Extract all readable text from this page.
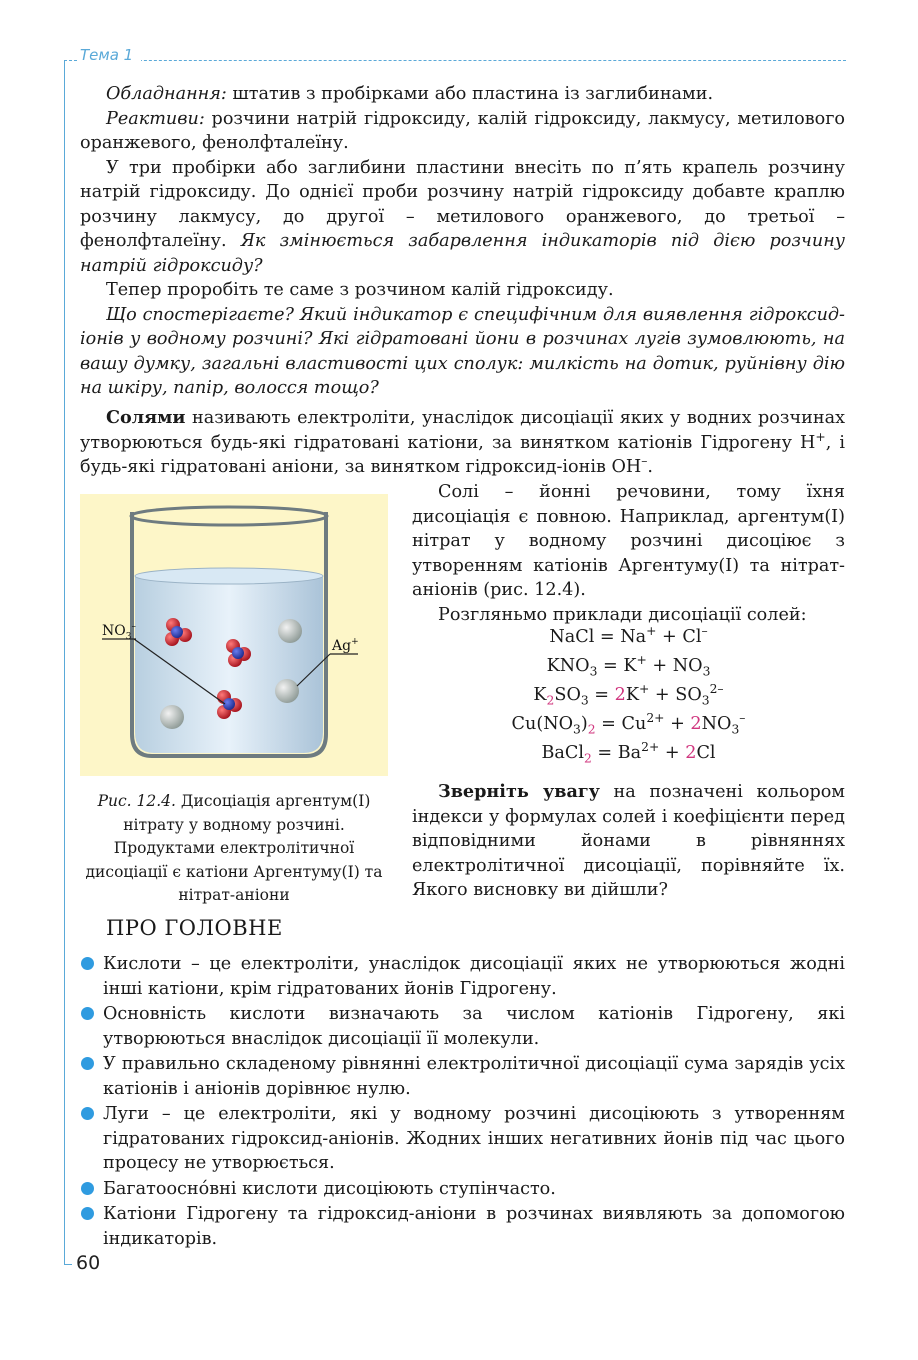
Тема 1
60

Обладнання: штатив з пробірками або пластина із заглибинами.

Реактиви: розчини натрій гідроксиду, калій гідроксиду, лакмусу, метилового оранжевого, фенолфталеїну.

У три пробірки або заглибини пластини внесіть по п’ять крапель розчину натрій гідроксиду. До однієї проби розчину натрій гідроксиду добавте краплю розчину лакмусу, до другої – метилового оранжевого, до третьої – фенолфталеїну. Як змінюється забарвлення індикаторів під дією розчину натрій гідроксиду?

Тепер проробіть те саме з розчином калій гідроксиду.

Що спостерігаєте? Який індикатор є специфічним для виявлення гідроксид-іонів у водному розчині? Які гідратовані йони в розчинах лугів зумовлюють, на вашу думку, загальні властивості цих сполук: милкість на дотик, руйнівну дію на шкіру, папір, волосся тощо?

Солями називають електроліти, унаслідок дисоціації яких у водних розчинах утворюються будь-які гідратовані катіони, за винятком катіонів Гідрогену H+, і будь-які гідратовані аніони, за винятком гідроксид-іонів OH–.

Солі – йонні речовини, тому їхня дисоціація є повною. Наприклад, аргентум(I) нітрат у водному розчині дисоціює з утворенням катіонів Аргентуму(I) та нітрат-аніонів (рис. 12.4).

Розгляньмо приклади дисоціації солей:

NaCl = Na+ + Cl–
$KNO_3 = K^+ + NO_3$
$K_2SO_3 = 2K^+ + SO_3^{2-}$
$Cu(NO_3)_2 = Cu^{2+} + 2NO_3^-$
BaCl$_2$ = $Ba^{2+} + 2Cl$

Зверніть увагу на позначені кольором індекси у формулах солей і коефіцієнти перед відповідними йонами в рівняннях електролітичної дисоціації, порівняйте їх. Якого висновку ви дійшли?

$NO_3^-$
Ag+
Рис. 12.4. Дисоціація аргентум(I) нітрату у водному розчині. Продуктами електролітичної дисоціації є катіони Аргентуму(I) та нітрат-аніони
ПРО ГОЛОВНЕ
Кислоти – це електроліти, унаслідок дисоціації яких не утворюються жодні інші катіони, крім гідратованих йонів Гідрогену.
Основність кислоти визначають за числом катіонів Гідрогену, які утворюються внаслідок дисоціації її молекули.
У правильно складеному рівнянні електролітичної дисоціації сума зарядів усіх катіонів і аніонів дорівнює нулю.
Луги – це електроліти, які у водному розчині дисоціюють з утворенням гідратованих гідроксид-аніонів. Жодних інших негативних йонів під час цього процесу не утворюється.
Багатоосно́вні кислоти дисоціюють ступінчасто.
Катіони Гідрогену та гідроксид-аніони в розчинах виявляють за допомогою індикаторів.
